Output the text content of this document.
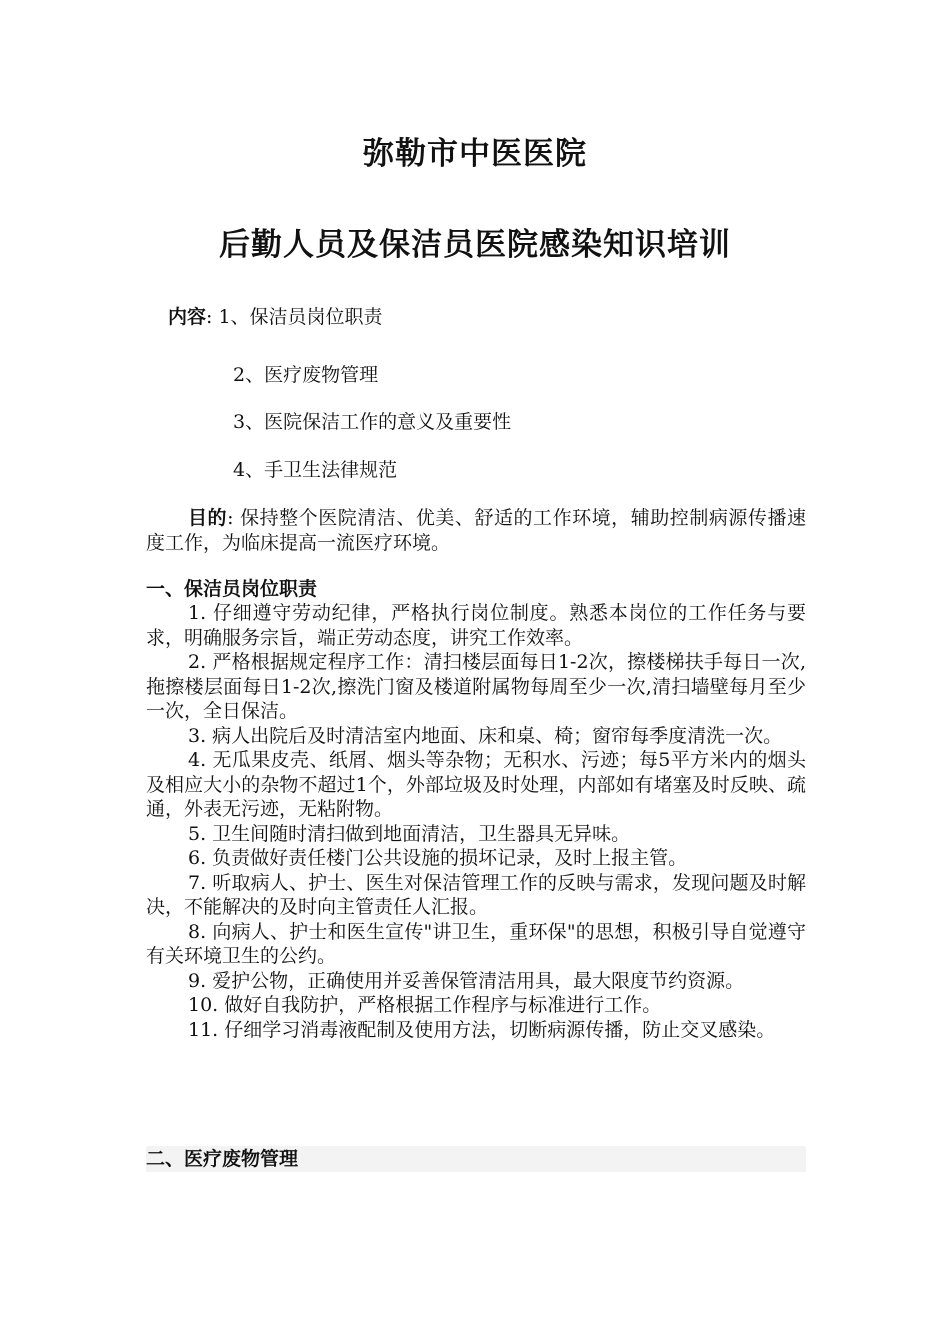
弥勒市中医医院
后勤人员及保洁员医院感染知识培训
内容: 1、保洁员岗位职责
2、医疗废物管理
3、医院保洁工作的意义及重要性
4、手卫生法律规范
目的: 保持整个医院清洁、优美、舒适的工作环境，辅助控制病源传播速度工作，为临床提高一流医疗环境。
一、保洁员岗位职责

1. 仔细遵守劳动纪律，严格执行岗位制度。熟悉本岗位的工作任务与要求，明确服务宗旨，端正劳动态度，讲究工作效率。

2. 严格根据规定程序工作：清扫楼层面每日1-2次，擦楼梯扶手每日一次,拖擦楼层面每日1-2次,擦洗门窗及楼道附属物每周至少一次,清扫墙壁每月至少一次，全日保洁。

3. 病人出院后及时清洁室内地面、床和桌、椅；窗帘每季度清洗一次。

4. 无瓜果皮壳、纸屑、烟头等杂物；无积水、污迹；每5平方米内的烟头及相应大小的杂物不超过1个，外部垃圾及时处理，内部如有堵塞及时反映、疏通，外表无污迹，无粘附物。

5. 卫生间随时清扫做到地面清洁，卫生器具无异味。

6. 负责做好责任楼门公共设施的损坏记录，及时上报主管。

7. 听取病人、护士、医生对保洁管理工作的反映与需求，发现问题及时解决，不能解决的及时向主管责任人汇报。

8. 向病人、护士和医生宣传"讲卫生，重环保"的思想，积极引导自觉遵守有关环境卫生的公约。

9. 爱护公物，正确使用并妥善保管清洁用具，最大限度节约资源。

10. 做好自我防护，严格根据工作程序与标准进行工作。

11. 仔细学习消毒液配制及使用方法，切断病源传播，防止交叉感染。

二、医疗废物管理
